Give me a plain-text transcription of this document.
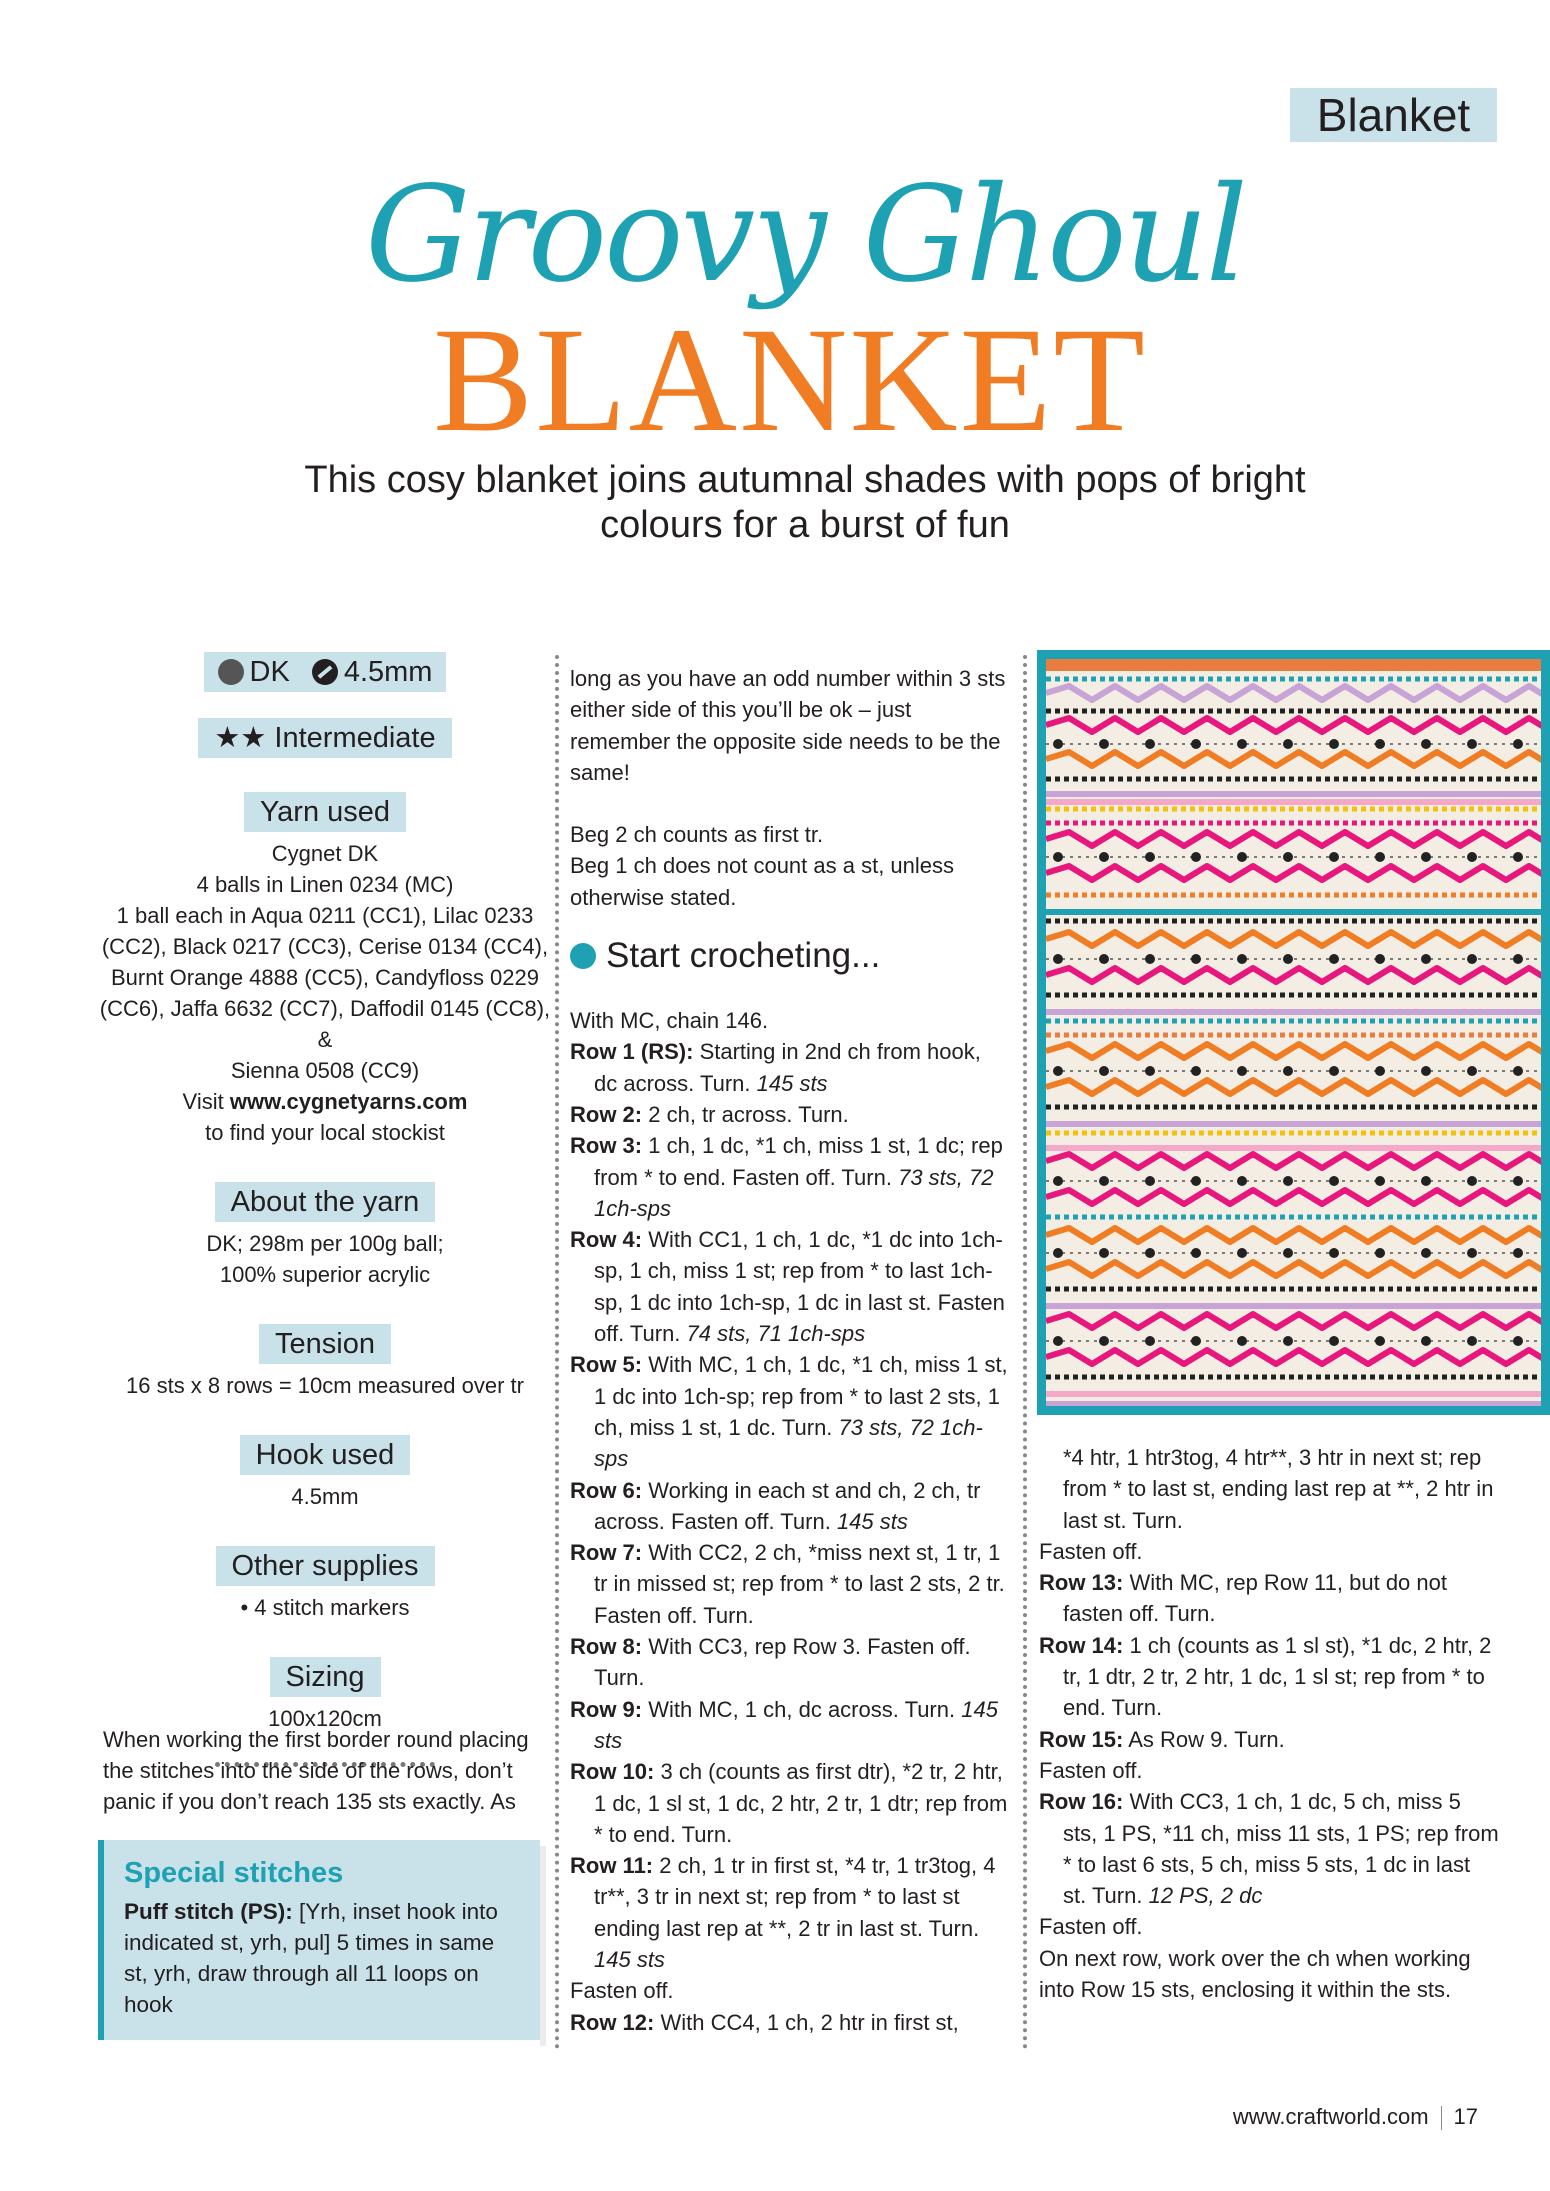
Blanket
Groovy Ghoul
BLANKET
This cosy blanket joins autumnal shades with pops of bright colours for a burst of fun
DK 4.5mm
★★ Intermediate
Yarn used
Cygnet DK
4 balls in Linen 0234 (MC)
1 ball each in Aqua 0211 (CC1), Lilac 0233
(CC2), Black 0217 (CC3), Cerise 0134 (CC4),
Burnt Orange 4888 (CC5), Candyfloss 0229
(CC6), Jaffa 6632 (CC7), Daffodil 0145 (CC8), &
Sienna 0508 (CC9)
Visit www.cygnetyarns.com
to find your local stockist
About the yarn
DK; 298m per 100g ball;
100% superior acrylic
Tension
16 sts x 8 rows = 10cm measured over tr
Hook used
4.5mm
Other supplies
• 4 stitch markers
Sizing
100x120cm
When working the first border round placing the stitches into the side of the rows, don’t panic if you don’t reach 135 sts exactly. As
Special stitches
Puff stitch (PS): [Yrh, inset hook into indicated st, yrh, pul] 5 times in same st, yrh, draw through all 11 loops on hook

long as you have an odd number within 3 sts either side of this you’ll be ok – just remember the opposite side needs to be the same!

Beg 2 ch counts as first tr.

Beg 1 ch does not count as a st, unless otherwise stated.

Start crocheting...

With MC, chain 146.

Row 1 (RS): Starting in 2nd ch from hook, dc across. Turn. 145 sts

Row 2: 2 ch, tr across. Turn.

Row 3: 1 ch, 1 dc, *1 ch, miss 1 st, 1 dc; rep from * to end. Fasten off. Turn. 73 sts, 72 1ch-sps

Row 4: With CC1, 1 ch, 1 dc, *1 dc into 1ch-sp, 1 ch, miss 1 st; rep from * to last 1ch-sp, 1 dc into 1ch-sp, 1 dc in last st. Fasten off. Turn. 74 sts, 71 1ch-sps

Row 5: With MC, 1 ch, 1 dc, *1 ch, miss 1 st, 1 dc into 1ch-sp; rep from * to last 2 sts, 1 ch, miss 1 st, 1 dc. Turn. 73 sts, 72 1ch-sps

Row 6: Working in each st and ch, 2 ch, tr across. Fasten off. Turn. 145 sts

Row 7: With CC2, 2 ch, *miss next st, 1 tr, 1 tr in missed st; rep from * to last 2 sts, 2 tr. Fasten off. Turn.

Row 8: With CC3, rep Row 3. Fasten off. Turn.

Row 9: With MC, 1 ch, dc across. Turn. 145 sts

Row 10: 3 ch (counts as first dtr), *2 tr, 2 htr, 1 dc, 1 sl st, 1 dc, 2 htr, 2 tr, 1 dtr; rep from * to end. Turn.

Row 11: 2 ch, 1 tr in first st, *4 tr, 1 tr3tog, 4 tr**, 3 tr in next st; rep from * to last st ending last rep at **, 2 tr in last st. Turn. 145 sts

Fasten off.

Row 12: With CC4, 1 ch, 2 htr in first st,

*4 htr, 1 htr3tog, 4 htr**, 3 htr in next st; rep from * to last st, ending last rep at **, 2 htr in last st. Turn.

Fasten off.

Row 13: With MC, rep Row 11, but do not fasten off. Turn.

Row 14: 1 ch (counts as 1 sl st), *1 dc, 2 htr, 2 tr, 1 dtr, 2 tr, 2 htr, 1 dc, 1 sl st; rep from * to end. Turn.

Row 15: As Row 9. Turn.

Fasten off.

Row 16: With CC3, 1 ch, 1 dc, 5 ch, miss 5 sts, 1 PS, *11 ch, miss 11 sts, 1 PS; rep from * to last 6 sts, 5 ch, miss 5 sts, 1 dc in last st. Turn. 12 PS, 2 dc

Fasten off.

On next row, work over the ch when working into Row 15 sts, enclosing it within the sts.

www.craftworld.com 17
